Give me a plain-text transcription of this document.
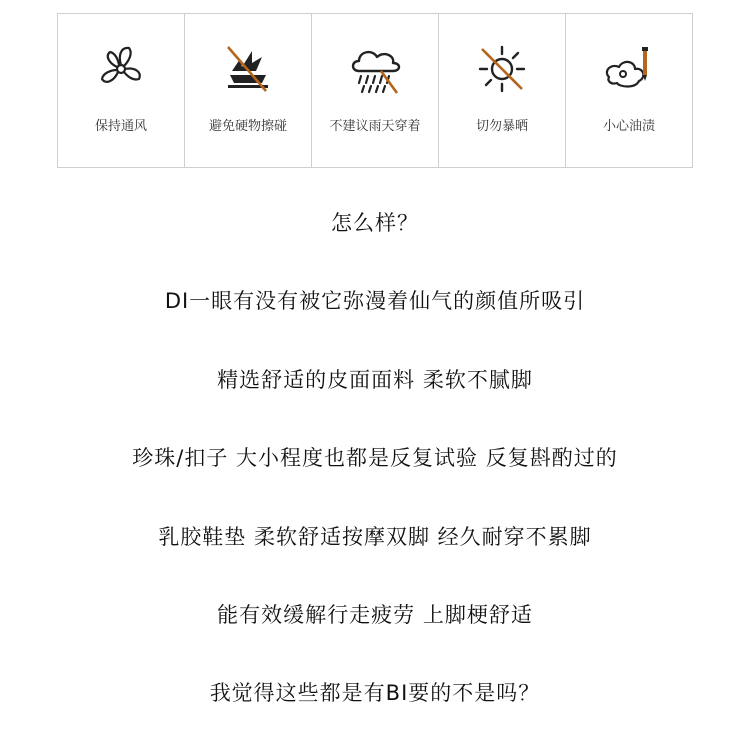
保持通风	避免硬物擦碰	不建议雨天穿着	切勿暴晒	小心油渍

怎么样？

DI一眼有没有被它弥漫着仙气的颜值所吸引

精选舒适的皮面面料 柔软不腻脚

珍珠/扣子 大小程度也都是反复试验 反复斟酌过的

乳胶鞋垫 柔软舒适按摩双脚 经久耐穿不累脚

能有效缓解行走疲劳 上脚梗舒适

我觉得这些都是有BI要的不是吗？
